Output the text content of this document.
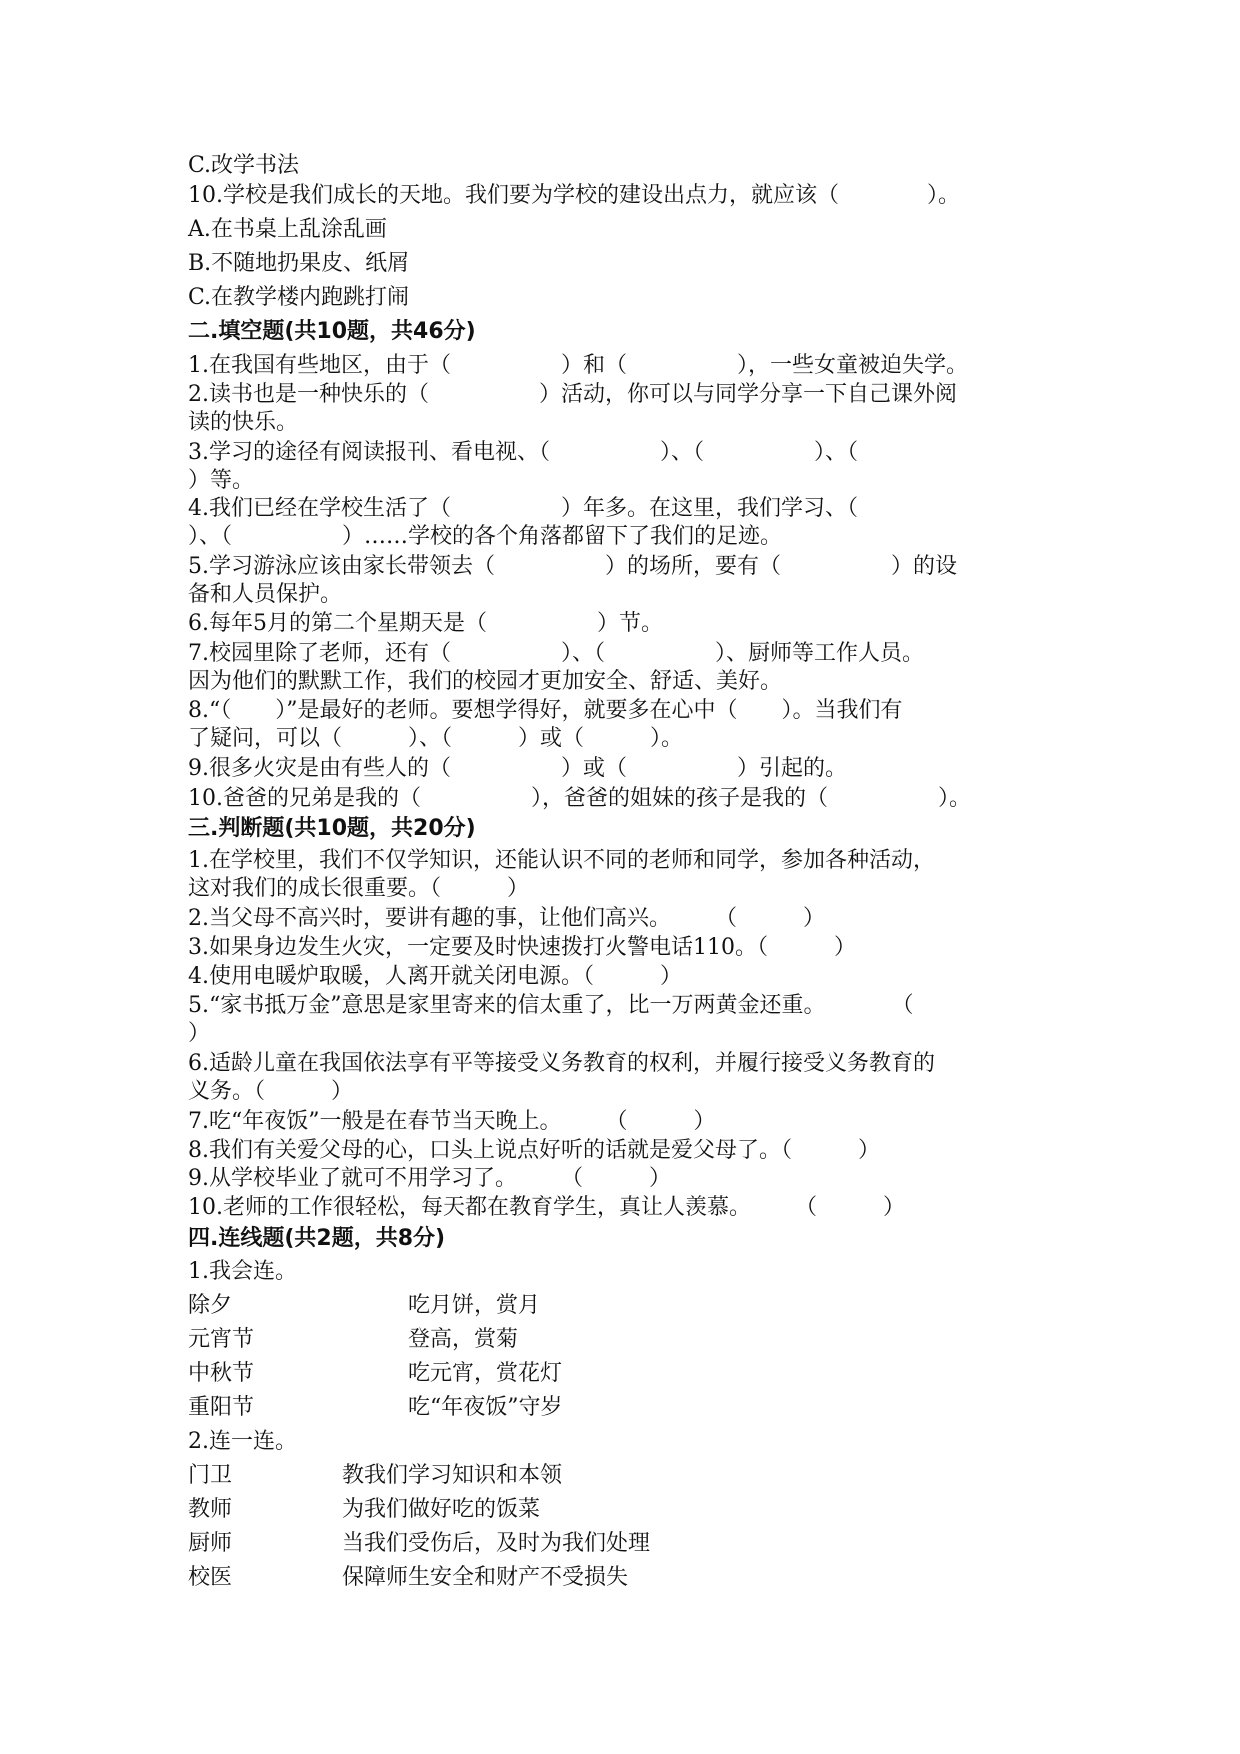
C.改学书法

10.学校是我们成长的天地。我们要为学校的建设出点力，就应该（　　　　）。

A.在书桌上乱涂乱画

B.不随地扔果皮、纸屑

C.在教学楼内跑跳打闹

二.填空题(共10题，共46分)

1.在我国有些地区，由于（　　　　　）和（　　　　　），一些女童被迫失学。

2.读书也是一种快乐的（　　　　　）活动，你可以与同学分享一下自己课外阅

读的快乐。

3.学习的途径有阅读报刊、看电视、（　　　　　）、（　　　　　）、（

）等。

4.我们已经在学校生活了（　　　　　）年多。在这里，我们学习、（

）、（　　　　　）……学校的各个角落都留下了我们的足迹。

5.学习游泳应该由家长带领去（　　　　　）的场所，要有（　　　　　）的设

备和人员保护。

6.每年5月的第二个星期天是（　　　　　）节。

7.校园里除了老师，还有（　　　　　）、（　　　　　）、厨师等工作人员。

因为他们的默默工作，我们的校园才更加安全、舒适、美好。

8.“（　　）”是最好的老师。要想学得好，就要多在心中（　　）。当我们有

了疑问，可以（　　　）、（　　　）或（　　　）。

9.很多火灾是由有些人的（　　　　　）或（　　　　　）引起的。

10.爸爸的兄弟是我的（　　　　　），爸爸的姐妹的孩子是我的（　　　　　）。

三.判断题(共10题，共20分)

1.在学校里，我们不仅学知识，还能认识不同的老师和同学，参加各种活动，

这对我们的成长很重要。（　　　）

2.当父母不高兴时，要讲有趣的事，让他们高兴。　　　（　　　）

3.如果身边发生火灾，一定要及时快速拨打火警电话110。（　　　）

4.使用电暖炉取暖，人离开就关闭电源。（　　　）

5.“家书抵万金”意思是家里寄来的信太重了，比一万两黄金还重。　　　　（

）

6.适龄儿童在我国依法享有平等接受义务教育的权利，并履行接受义务教育的

义务。（　　　）

7.吃“年夜饭”一般是在春节当天晚上。　　　（　　　）

8.我们有关爱父母的心，口头上说点好听的话就是爱父母了。（　　　）

9.从学校毕业了就可不用学习了。　　　（　　　）

10.老师的工作很轻松，每天都在教育学生，真让人羡慕。　　　（　　　）

四.连线题(共2题，共8分)

1.我会连。

除夕　　　　　　　　吃月饼，赏月

元宵节　　　　　　　登高，赏菊

中秋节　　　　　　　吃元宵，赏花灯

重阳节　　　　　　　吃“年夜饭”守岁

2.连一连。

门卫　　　　　教我们学习知识和本领

教师　　　　　为我们做好吃的饭菜

厨师　　　　　当我们受伤后，及时为我们处理

校医　　　　　保障师生安全和财产不受损失
